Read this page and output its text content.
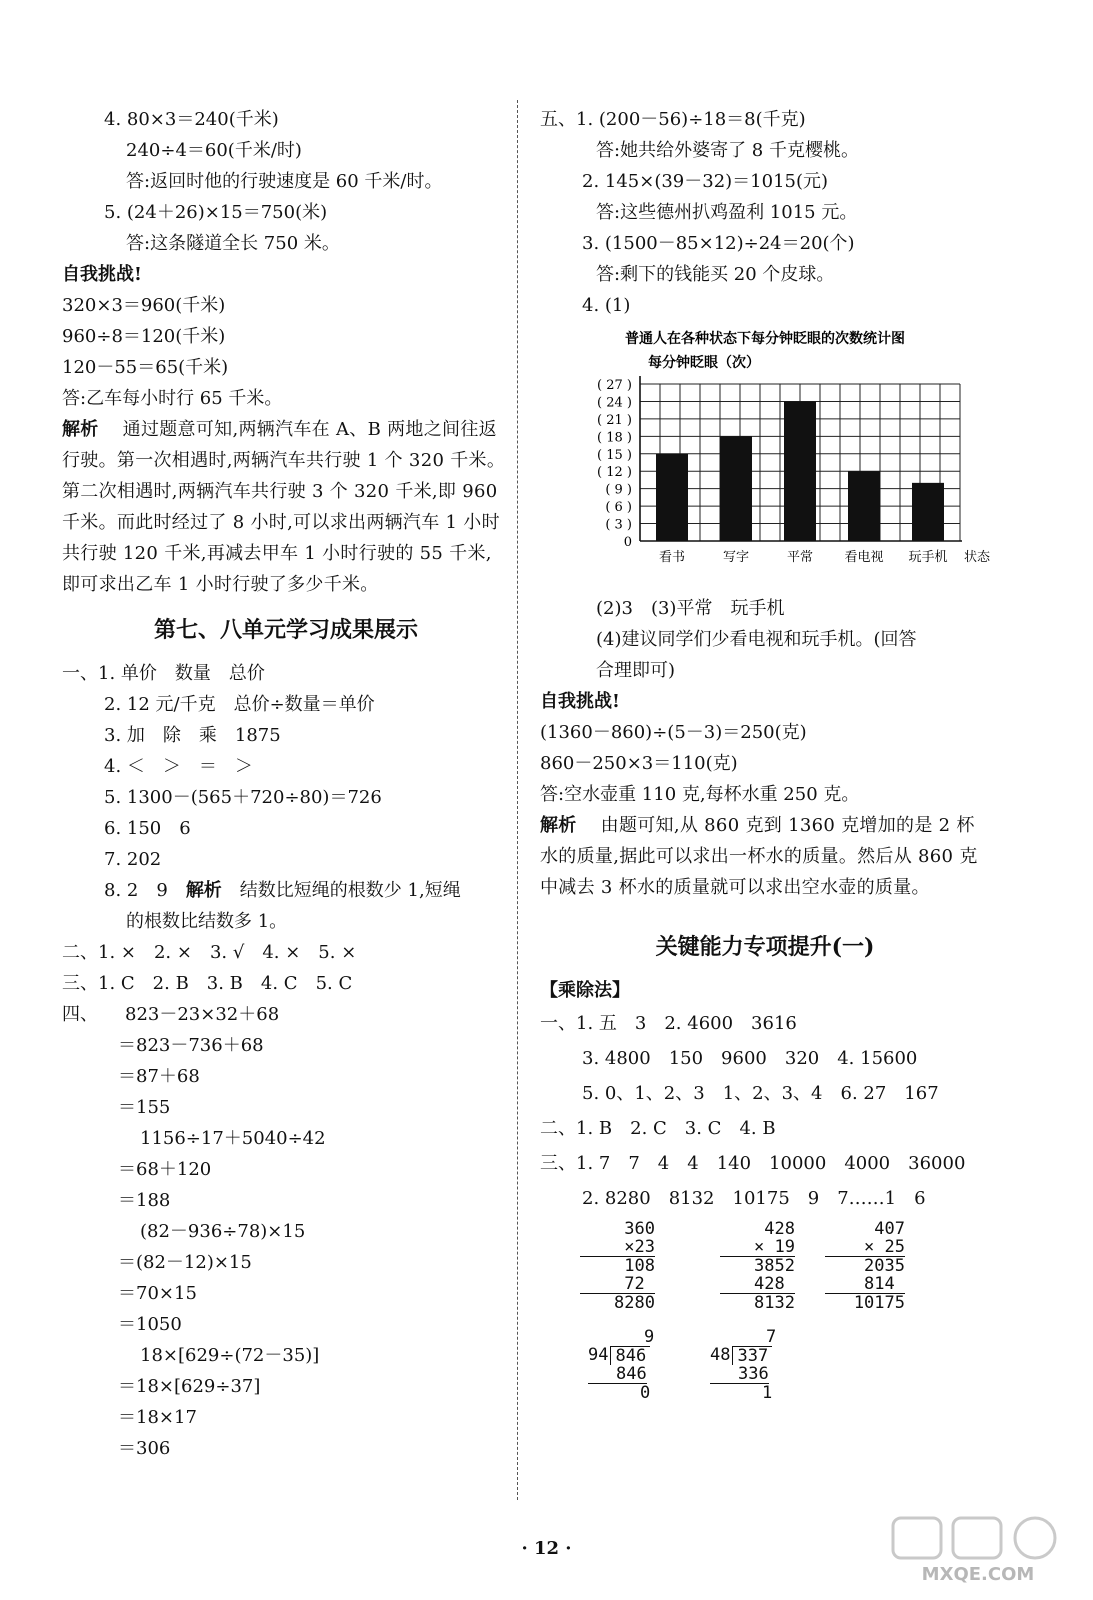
4. 80×3＝240(千米)
240÷4＝60(千米/时)
答:返回时他的行驶速度是 60 千米/时。
5. (24＋26)×15＝750(米)
答:这条隧道全长 750 米。
自我挑战!
320×3＝960(千米)
960÷8＝120(千米)
120－55＝65(千米)
答:乙车每小时行 65 千米。
解析 通过题意可知,两辆汽车在 A、B 两地之间往返行驶。第一次相遇时,两辆汽车共行驶 1 个 320 千米。第二次相遇时,两辆汽车共行驶 3 个 320 千米,即 960 千米。而此时经过了 8 小时,可以求出两辆汽车 1 小时共行驶 120 千米,再减去甲车 1 小时行驶的 55 千米,即可求出乙车 1 小时行驶了多少千米。
第七、八单元学习成果展示
一、1. 单价　数量　总价
2. 12 元/千克　总价÷数量＝单价
3. 加　除　乘　1875
4. ＜　＞　＝　＞
5. 1300－(565＋720÷80)＝726
6. 150　6
7. 202
8. 2　9　解析　结数比短绳的根数少 1,短绳
的根数比结数多 1。
二、1. ×　2. ×　3. √　4. ×　5. ×
三、1. C　2. B　3. B　4. C　5. C
四、　　823－23×32＋68
＝823－736＋68
＝87＋68
＝155
1156÷17＋5040÷42
＝68＋120
＝188
(82－936÷78)×15
＝(82－12)×15
＝70×15
＝1050
18×[629÷(72－35)]
＝18×[629÷37]
＝18×17
＝306
五、1. (200－56)÷18＝8(千克)
答:她共给外婆寄了 8 千克樱桃。
2. 145×(39－32)＝1015(元)
答:这些德州扒鸡盈利 1015 元。
3. (1500－85×12)÷24＝20(个)
答:剩下的钱能买 20 个皮球。
4. (1)
普通人在各种状态下每分钟眨眼的次数统计图
每分钟眨眼（次）
0
( 3 )
( 6 )
( 9 )
( 12 )
( 15 )
( 18 )
( 21 )
( 24 )
( 27 )
看书	写字	平常 看电视 玩手机 状态
(2)3　(3)平常　玩手机
(4)建议同学们少看电视和玩手机。(回答
合理即可)
自我挑战!
(1360－860)÷(5－3)＝250(克)
860－250×3＝110(克)
答:空水壶重 110 克,每杯水重 250 克。
解析 由题可知,从 860 克到 1360 克增加的是 2 杯水的质量,据此可以求出一杯水的质量。然后从 860 克中减去 3 杯水的质量就可以求出空水壶的质量。
关键能力专项提升(一)
【乘除法】
一、1. 五　3　2. 4600　3616
3. 4800　150　9600　320　4. 15600
5. 0、1、2、3　1、2、3、4　6. 27　167
二、1. B　2. C　3. C　4. B
三、1. 7　7　4　4　140　10000　4000　36000
2. 8280　8132　10175　9　7……1　6
360
×23
108
72
8280
428
× 19
3852
428
8132
407
× 25
2035
814
10175
9
94 846
846
0
7
48 337
336
1
· 12 ·
MXQE.COM
